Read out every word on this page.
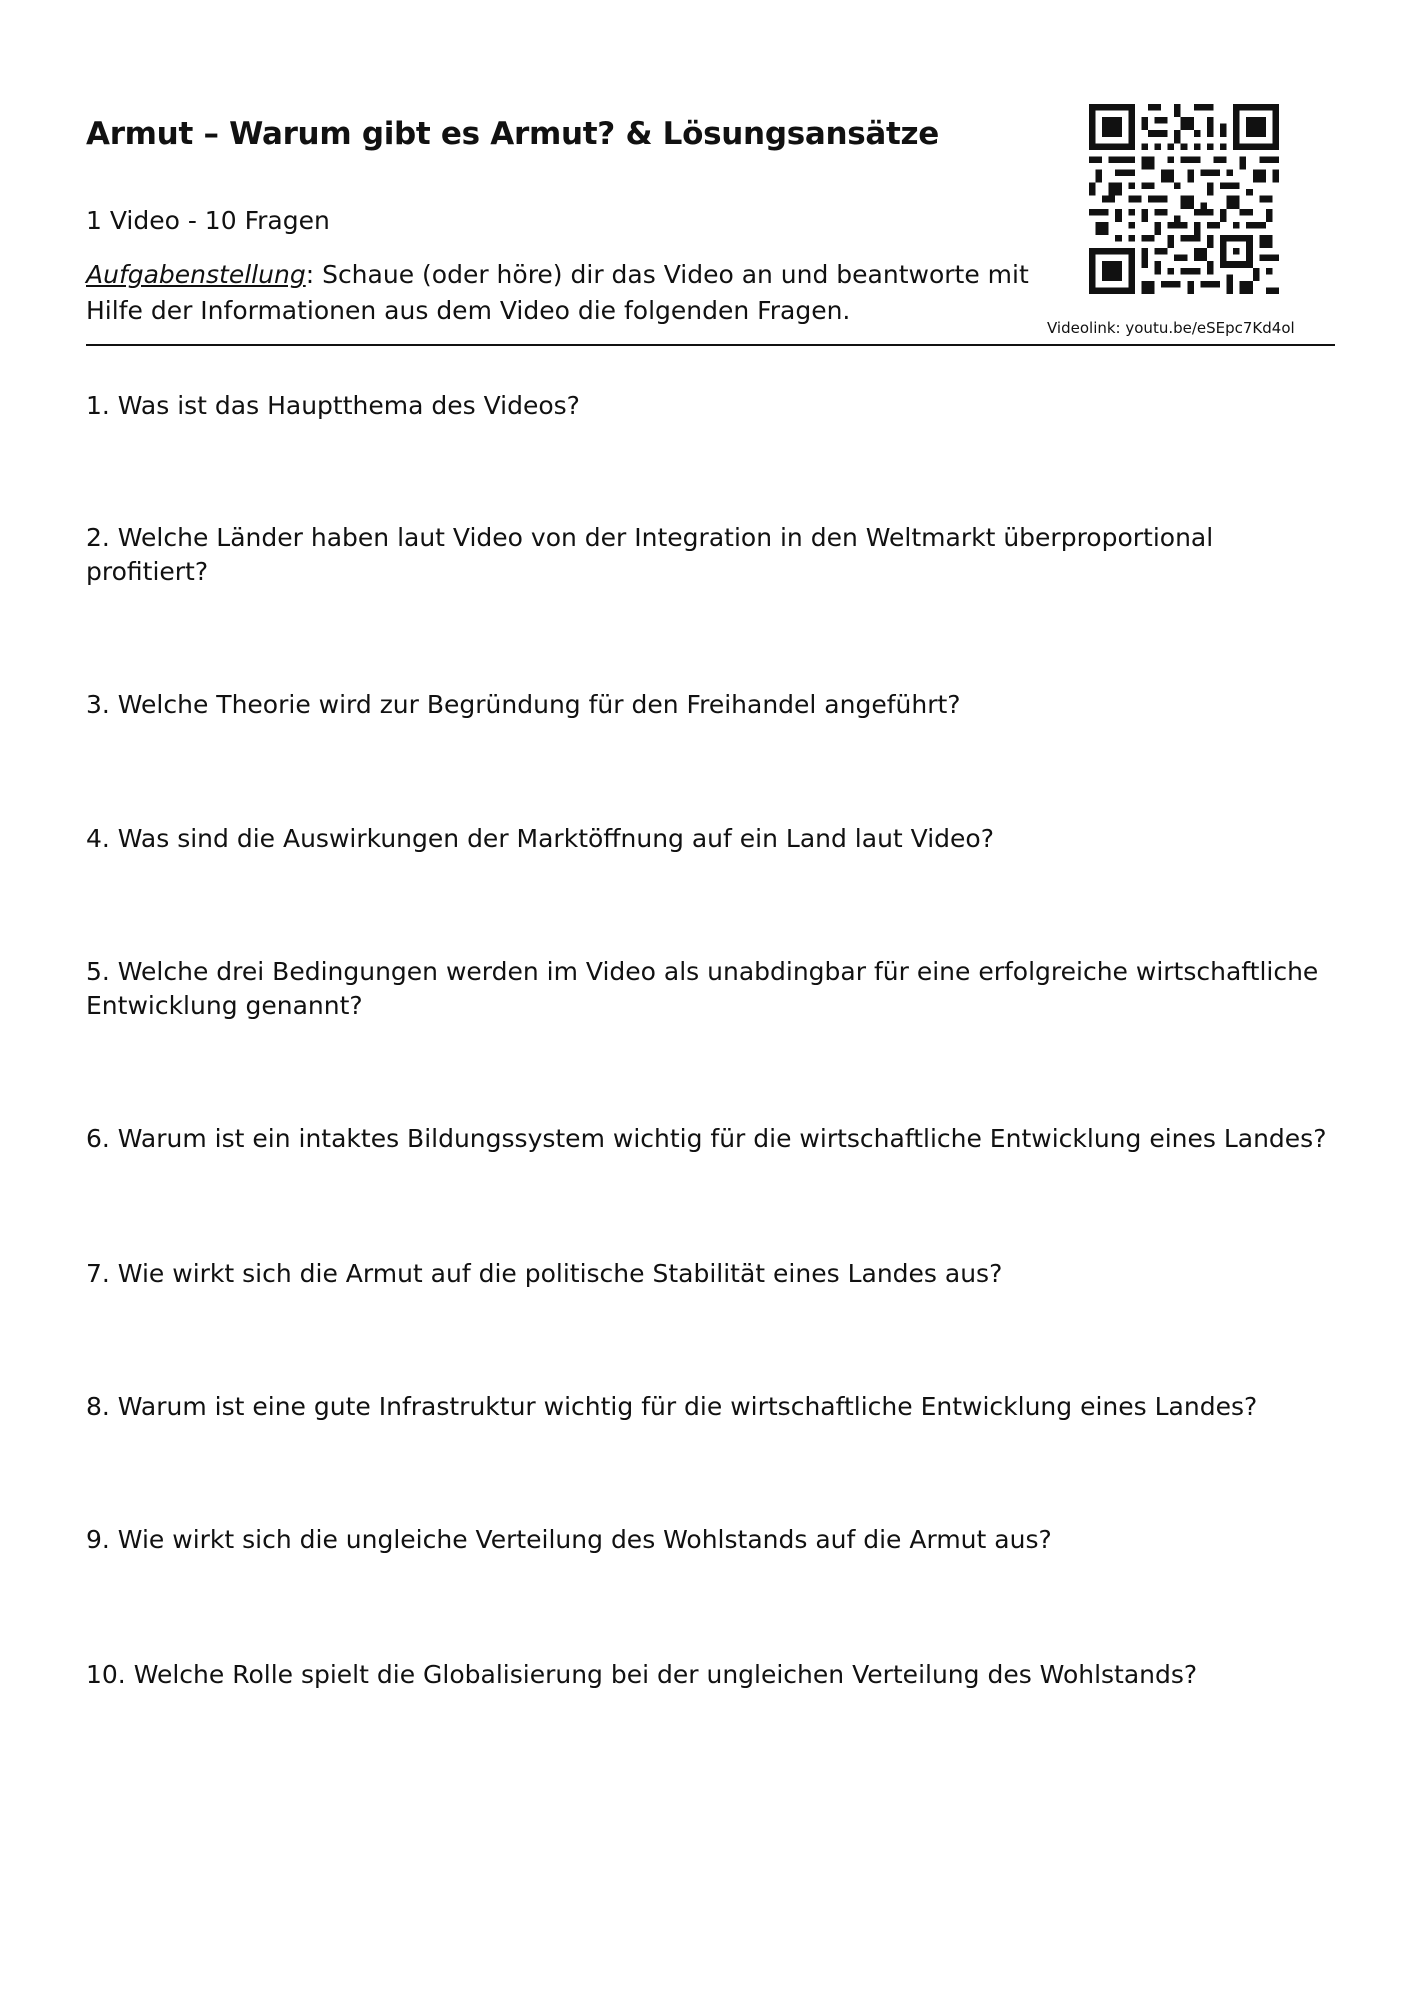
Armut – Warum gibt es Armut? & Lösungsansätze

1 Video - 10 Fragen

Aufgabenstellung: Schaue (oder höre) dir das Video an und beantworte mit Hilfe der Informationen aus dem Video die folgenden Fragen.

Videolink: youtu.be/eSEpc7Kd4ol

1. Was ist das Hauptthema des Videos?

2. Welche Länder haben laut Video von der Integration in den Weltmarkt überproportional profitiert?

3. Welche Theorie wird zur Begründung für den Freihandel angeführt?

4. Was sind die Auswirkungen der Marktöffnung auf ein Land laut Video?

5. Welche drei Bedingungen werden im Video als unabdingbar für eine erfolgreiche wirtschaftliche Entwicklung genannt?

6. Warum ist ein intaktes Bildungssystem wichtig für die wirtschaftliche Entwicklung eines Landes?

7. Wie wirkt sich die Armut auf die politische Stabilität eines Landes aus?

8. Warum ist eine gute Infrastruktur wichtig für die wirtschaftliche Entwicklung eines Landes?

9. Wie wirkt sich die ungleiche Verteilung des Wohlstands auf die Armut aus?

10. Welche Rolle spielt die Globalisierung bei der ungleichen Verteilung des Wohlstands?
